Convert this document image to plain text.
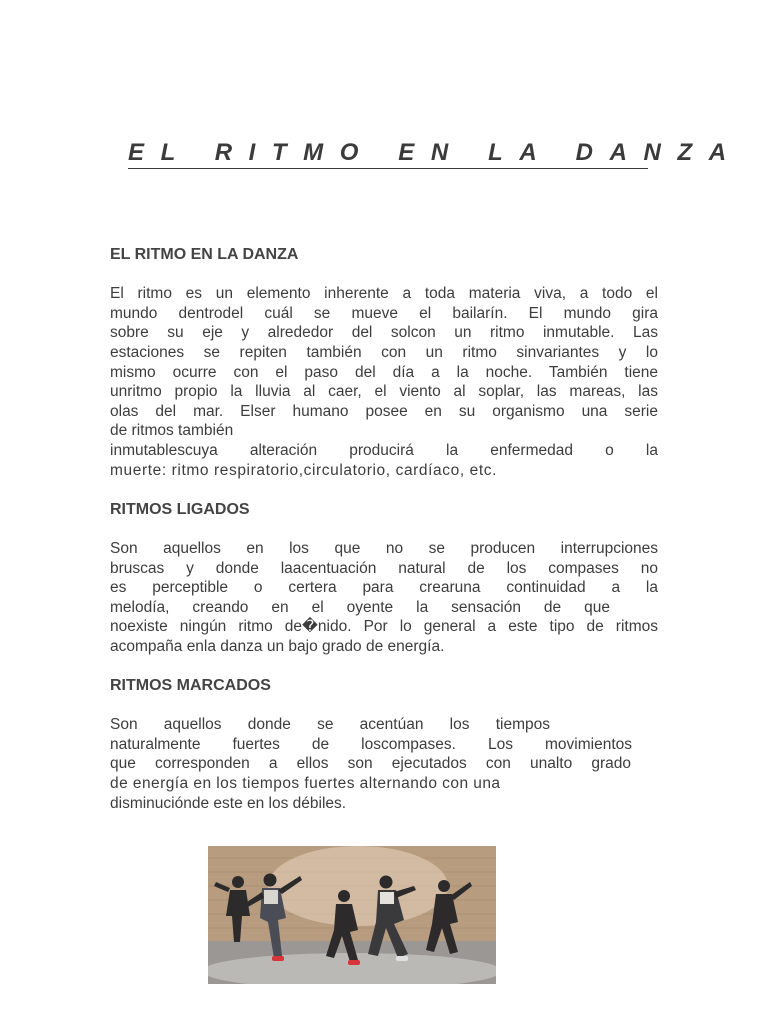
EL RITMO EN LA DANZA
EL RITMO EN LA DANZA

El ritmo es un elemento inherente a toda materia viva, a todo el
mundo dentrodel cuál se mueve el bailarín. El mundo gira
sobre su eje y alrededor del solcon un ritmo inmutable. Las
estaciones se repiten también con un ritmo sinvariantes y lo
mismo ocurre con el paso del día a la noche. También tiene
unritmo propio la lluvia al caer, el viento al soplar, las mareas, las
olas del mar. Elser humano posee en su organismo una serie
de ritmos también
inmutablescuya alteración producirá la enfermedad o la
muerte: ritmo respiratorio,circulatorio, cardíaco, etc.

RITMOS LIGADOS

Son aquellos en los que no se producen interrupciones
bruscas y donde laacentuación natural de los compases no
es perceptible o certera para crearuna continuidad a la
melodía, creando en el oyente la sensación de que
noexiste ningún ritmo de�nido. Por lo general a este tipo de ritmos
acompaña enla danza un bajo grado de energía.

RITMOS MARCADOS

Son aquellos donde se acentúan los tiempos
naturalmente fuertes de loscompases. Los movimientos
que corresponden a ellos son ejecutados con unalto grado
de energía en los tiempos fuertes alternando con una
disminuciónde este en los débiles.
